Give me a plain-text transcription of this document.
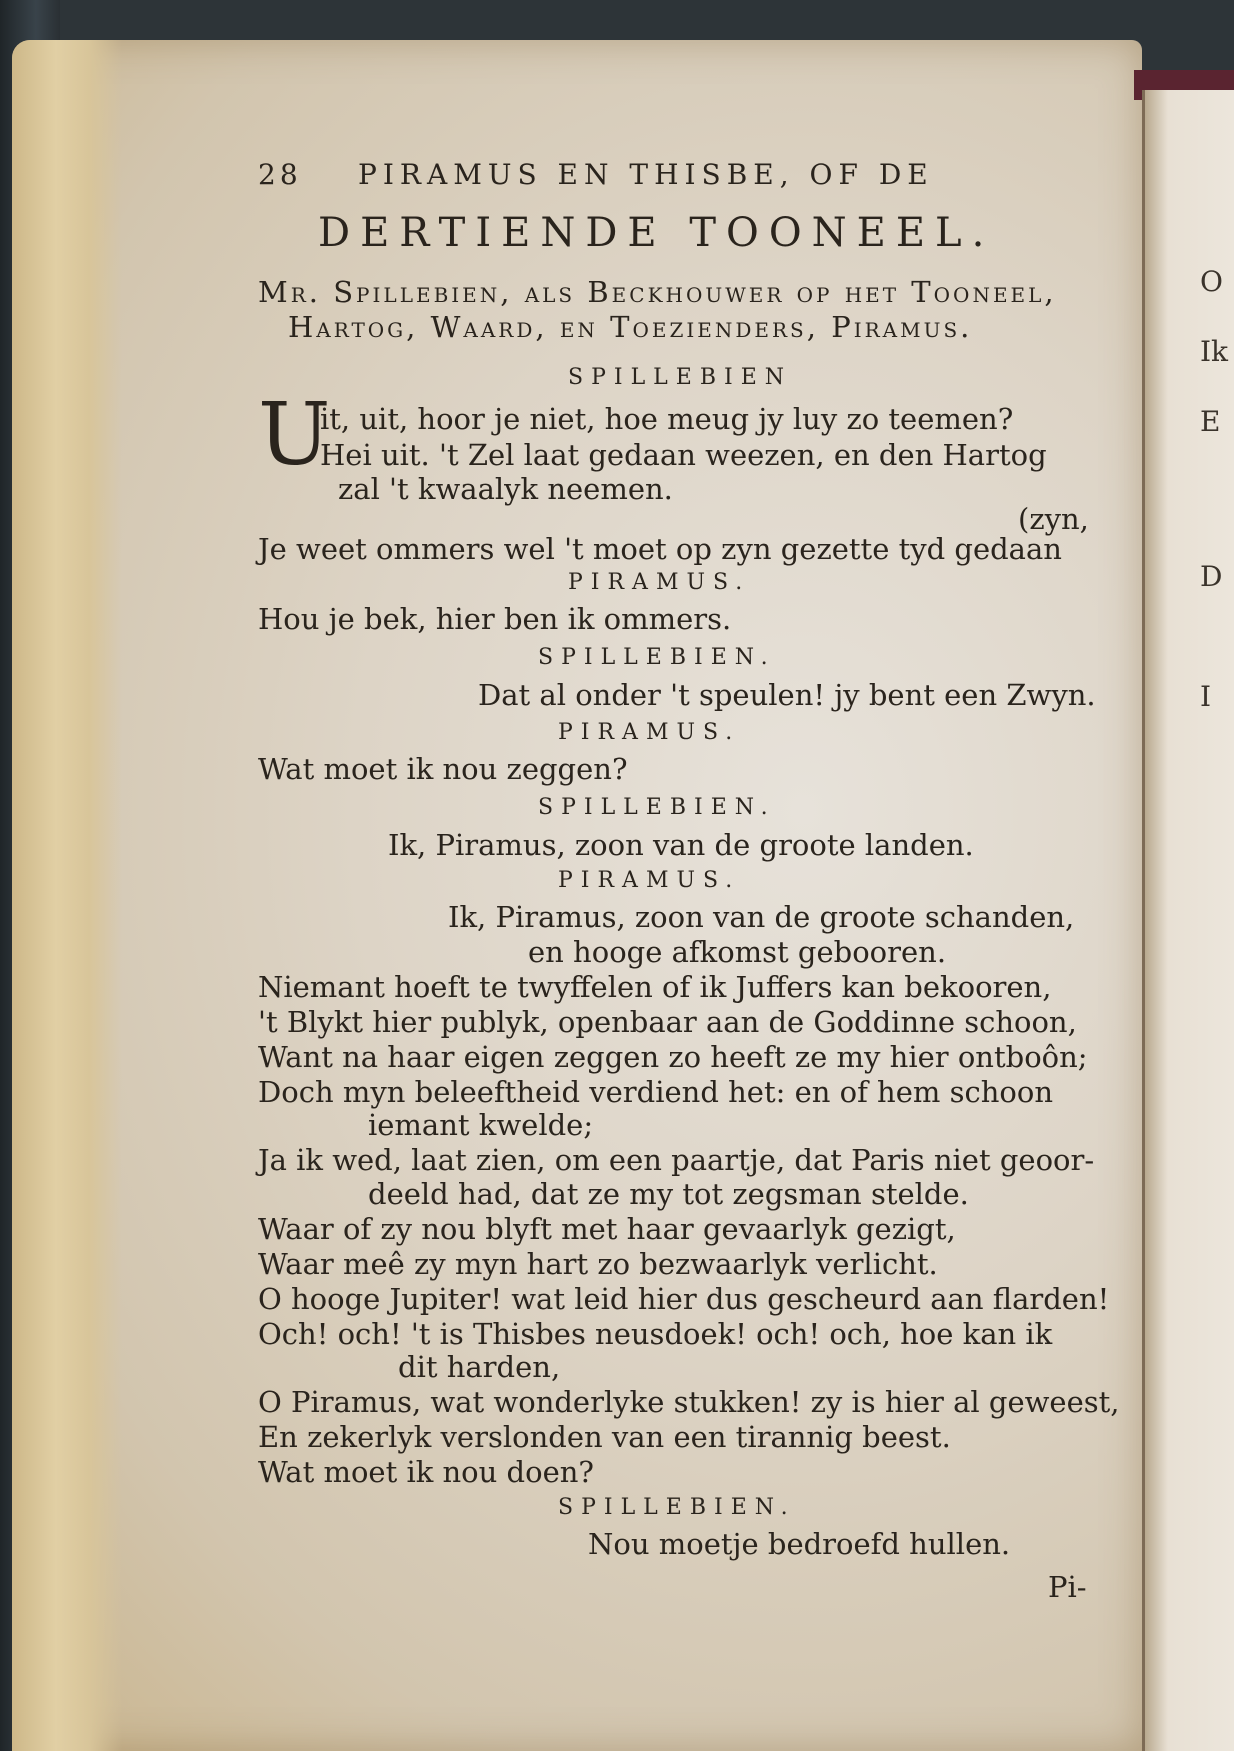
O
Ik
E
D
I
28 PIRAMUS EN THISBE, OF DE
DERTIENDE TOONEEL.
Mr. Spillebien, als Beckhouwer op het Tooneel,
Hartog, Waard, en Toezienders, Piramus.
SPILLEBIEN
U
it, uit, hoor je niet, hoe meug jy luy zo teemen?
Hei uit. 't Zel laat gedaan weezen, en den Hartog
zal 't kwaalyk neemen.
(zyn,
Je weet ommers wel 't moet op zyn gezette tyd gedaan
PIRAMUS.
Hou je bek, hier ben ik ommers.
SPILLEBIEN.
Dat al onder 't speulen! jy bent een Zwyn.
PIRAMUS.
Wat moet ik nou zeggen?
SPILLEBIEN.
Ik, Piramus, zoon van de groote landen.
PIRAMUS.
Ik, Piramus, zoon van de groote schanden,
en hooge afkomst gebooren.
Niemant hoeft te twyffelen of ik Juffers kan bekooren,
't Blykt hier publyk, openbaar aan de Goddinne schoon,
Want na haar eigen zeggen zo heeft ze my hier ontboôn;
Doch myn beleeftheid verdiend het: en of hem schoon
iemant kwelde;
Ja ik wed, laat zien, om een paartje, dat Paris niet geoor-
deeld had, dat ze my tot zegsman stelde.
Waar of zy nou blyft met haar gevaarlyk gezigt,
Waar meê zy myn hart zo bezwaarlyk verlicht.
O hooge Jupiter! wat leid hier dus gescheurd aan flarden!
Och! och! 't is Thisbes neusdoek! och! och, hoe kan ik
dit harden,
O Piramus, wat wonderlyke stukken! zy is hier al geweest,
En zekerlyk verslonden van een tirannig beest.
Wat moet ik nou doen?
SPILLEBIEN.
Nou moetje bedroefd hullen.
Pi-
